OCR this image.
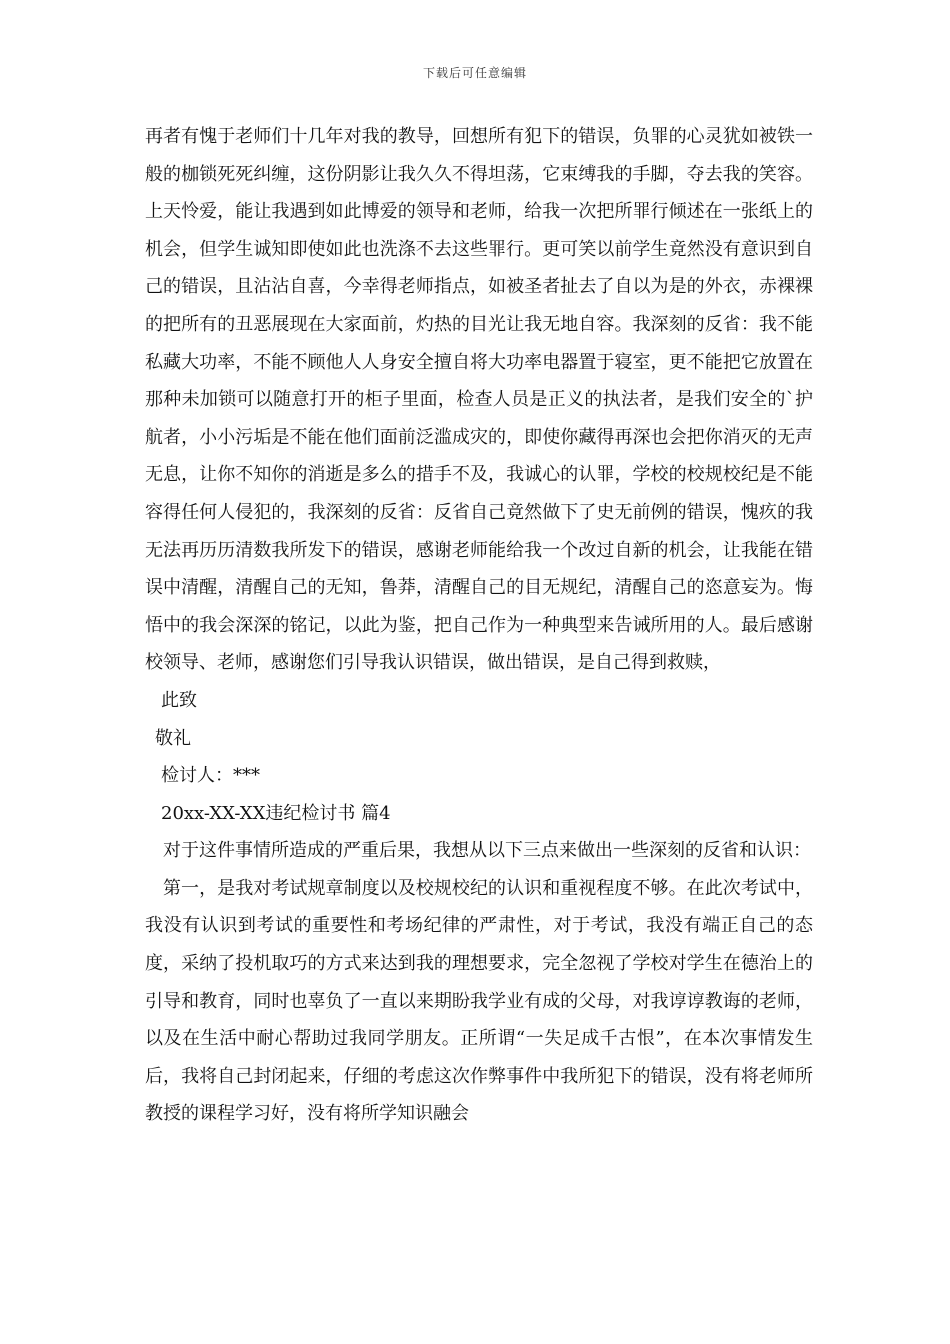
下载后可任意编辑

再者有愧于老师们十几年对我的教导，回想所有犯下的错误，负罪的心灵犹如被铁一般的枷锁死死纠缠，这份阴影让我久久不得坦荡，它束缚我的手脚，夺去我的笑容。上天怜爱，能让我遇到如此博爱的领导和老师，给我一次把所罪行倾述在一张纸上的机会，但学生诚知即使如此也洗涤不去这些罪行。更可笑以前学生竟然没有意识到自己的错误，且沾沾自喜，今幸得老师指点，如被圣者扯去了自以为是的外衣，赤裸裸的把所有的丑恶展现在大家面前，灼热的目光让我无地自容。我深刻的反省：我不能私藏大功率，不能不顾他人人身安全擅自将大功率电器置于寝室，更不能把它放置在那种未加锁可以随意打开的柜子里面，检查人员是正义的执法者，是我们安全的`护航者，小小污垢是不能在他们面前泛滥成灾的，即使你藏得再深也会把你消灭的无声无息，让你不知你的消逝是多么的措手不及，我诚心的认罪，学校的校规校纪是不能容得任何人侵犯的，我深刻的反省：反省自己竟然做下了史无前例的错误，愧疚的我无法再历历清数我所发下的错误，感谢老师能给我一个改过自新的机会，让我能在错误中清醒，清醒自己的无知，鲁莽，清醒自己的目无规纪，清醒自己的恣意妄为。悔悟中的我会深深的铭记，以此为鉴，把自己作为一种典型来告诫所用的人。最后感谢校领导、老师，感谢您们引导我认识错误，做出错误，是自己得到救赎，

此致

敬礼

检讨人：***

20xx-XX-XX违纪检讨书 篇4

对于这件事情所造成的严重后果，我想从以下三点来做出一些深刻的反省和认识：

第一，是我对考试规章制度以及校规校纪的认识和重视程度不够。在此次考试中，我没有认识到考试的重要性和考场纪律的严肃性，对于考试，我没有端正自己的态度，采纳了投机取巧的方式来达到我的理想要求，完全忽视了学校对学生在德治上的引导和教育，同时也辜负了一直以来期盼我学业有成的父母，对我谆谆教诲的老师，以及在生活中耐心帮助过我同学朋友。正所谓“一失足成千古恨”，在本次事情发生后，我将自己封闭起来，仔细的考虑这次作弊事件中我所犯下的错误，没有将老师所教授的课程学习好，没有将所学知识融会
